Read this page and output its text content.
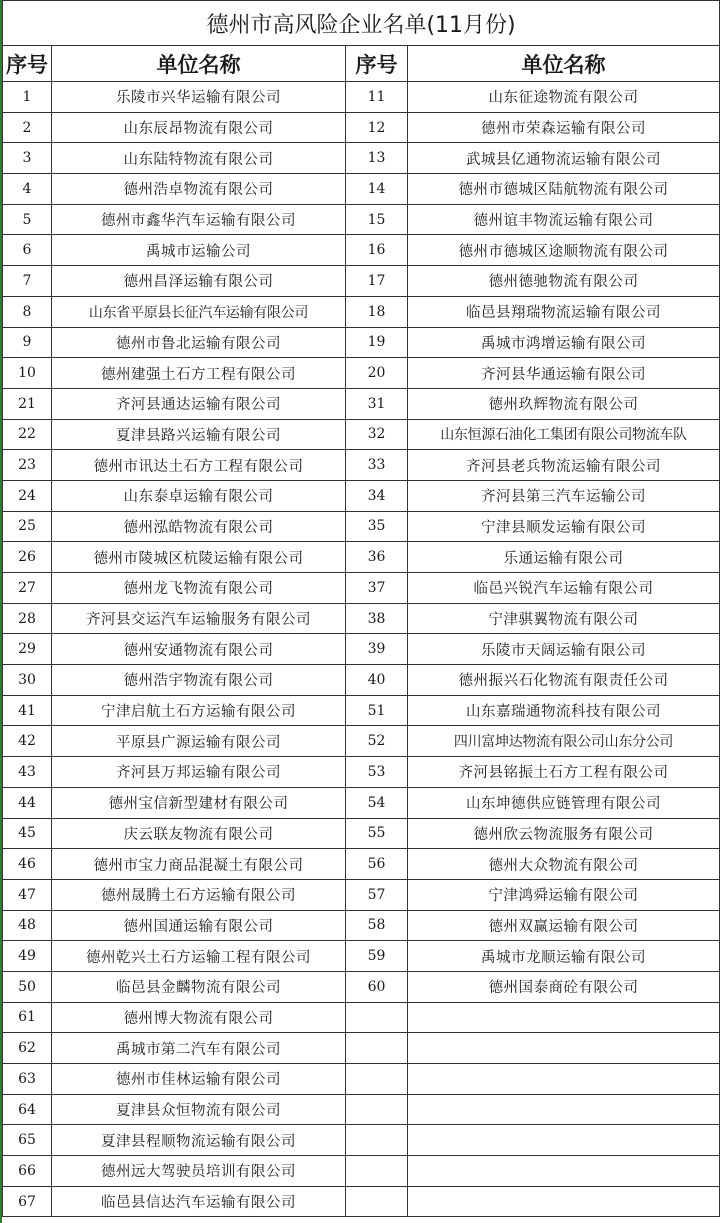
德州市高风险企业名单(11月份)			
序号	单位名称	序号	单位名称
1	乐陵市兴华运输有限公司	11	山东征途物流有限公司
2	山东辰昂物流有限公司	12	德州市荣森运输有限公司
3	山东陆特物流有限公司	13	武城县亿通物流运输有限公司
4	德州浩卓物流有限公司	14	德州市德城区陆航物流有限公司
5	德州市鑫华汽车运输有限公司	15	德州谊丰物流运输有限公司
6	禹城市运输公司	16	德州市德城区途顺物流有限公司
7	德州昌泽运输有限公司	17	德州德驰物流有限公司
8	山东省平原县长征汽车运输有限公司	18	临邑县翔瑞物流运输有限公司
9	德州市鲁北运输有限公司	19	禹城市鸿增运输有限公司
10	德州建强土石方工程有限公司	20	齐河县华通运输有限公司
21	齐河县通达运输有限公司	31	德州玖辉物流有限公司
22	夏津县路兴运输有限公司	32	山东恒源石油化工集团有限公司物流车队
23	德州市讯达土石方工程有限公司	33	齐河县老兵物流运输有限公司
24	山东泰卓运输有限公司	34	齐河县第三汽车运输公司
25	德州泓皓物流有限公司	35	宁津县顺发运输有限公司
26	德州市陵城区杭陵运输有限公司	36	乐通运输有限公司
27	德州龙飞物流有限公司	37	临邑兴锐汽车运输有限公司
28	齐河县交运汽车运输服务有限公司	38	宁津骐翼物流有限公司
29	德州安通物流有限公司	39	乐陵市天阔运输有限公司
30	德州浩宇物流有限公司	40	德州振兴石化物流有限责任公司
41	宁津启航土石方运输有限公司	51	山东嘉瑞通物流科技有限公司
42	平原县广源运输有限公司	52	四川富坤达物流有限公司山东分公司
43	齐河县万邦运输有限公司	53	齐河县铭振土石方工程有限公司
44	德州宝信新型建材有限公司	54	山东坤德供应链管理有限公司
45	庆云联友物流有限公司	55	德州欣云物流服务有限公司
46	德州市宝力商品混凝土有限公司	56	德州大众物流有限公司
47	德州晟腾土石方运输有限公司	57	宁津鸿舜运输有限公司
48	德州国通运输有限公司	58	德州双赢运输有限公司
49	德州乾兴土石方运输工程有限公司	59	禹城市龙顺运输有限公司
50	临邑县金麟物流有限公司	60	德州国泰商砼有限公司
61	德州博大物流有限公司		
62	禹城市第二汽车有限公司		
63	德州市佳林运输有限公司		
64	夏津县众恒物流有限公司		
65	夏津县程顺物流运输有限公司		
66	德州远大驾驶员培训有限公司		
67	临邑县信达汽车运输有限公司		
